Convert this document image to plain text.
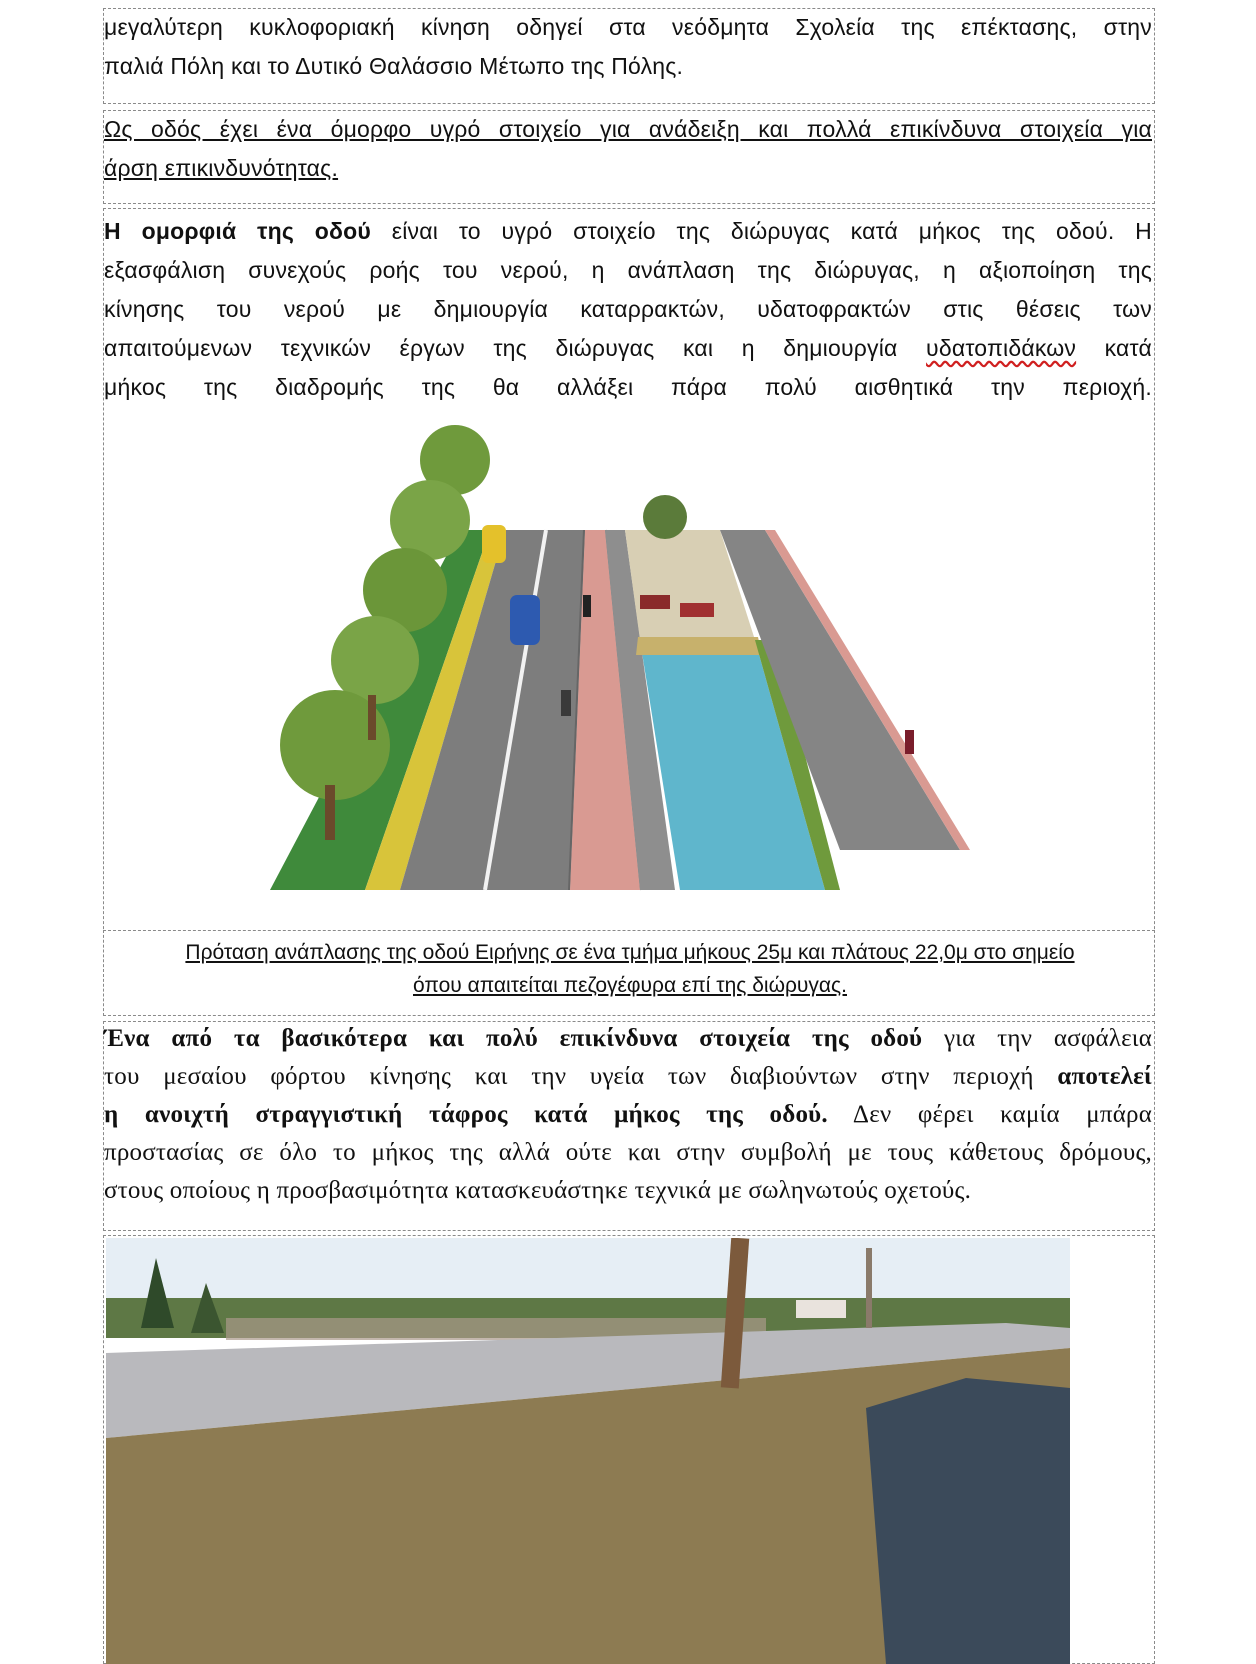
μεγαλύτερη κυκλοφοριακή κίνηση οδηγεί στα νεόδμητα Σχολεία της επέκτασης, στην
παλιά Πόλη και το Δυτικό Θαλάσσιο Μέτωπο της Πόλης.
Ως οδός έχει ένα όμορφο υγρό στοιχείο για ανάδειξη και πολλά επικίνδυνα στοιχεία για
άρση επικινδυνότητας.
Η ομορφιά της οδού είναι το υγρό στοιχείο της διώρυγας κατά μήκος της οδού. Η
εξασφάλιση συνεχούς ροής του νερού, η ανάπλαση της διώρυγας, η αξιοποίηση της
κίνησης του νερού με δημιουργία καταρρακτών, υδατοφρακτών στις θέσεις των
απαιτούμενων τεχνικών έργων της διώρυγας και η δημιουργία υδατοπιδάκων κατά
μήκος της διαδρομής της θα αλλάξει πάρα πολύ αισθητικά την περιοχή.
Πρόταση ανάπλασης της οδού Ειρήνης σε ένα τμήμα μήκους 25μ και πλάτους 22,0μ στο σημείο
όπου απαιτείται πεζογέφυρα επί της διώρυγας.
Ένα από τα βασικότερα και πολύ επικίνδυνα στοιχεία της οδού για την ασφάλεια
του μεσαίου φόρτου κίνησης και την υγεία των διαβιούντων στην περιοχή αποτελεί
η ανοιχτή στραγγιστική τάφρος κατά μήκος της οδού. Δεν φέρει καμία μπάρα
προστασίας σε όλο το μήκος της αλλά ούτε και στην συμβολή με τους κάθετους δρόμους,
στους οποίους η προσβασιμότητα κατασκευάστηκε τεχνικά με σωληνωτούς οχετούς.
